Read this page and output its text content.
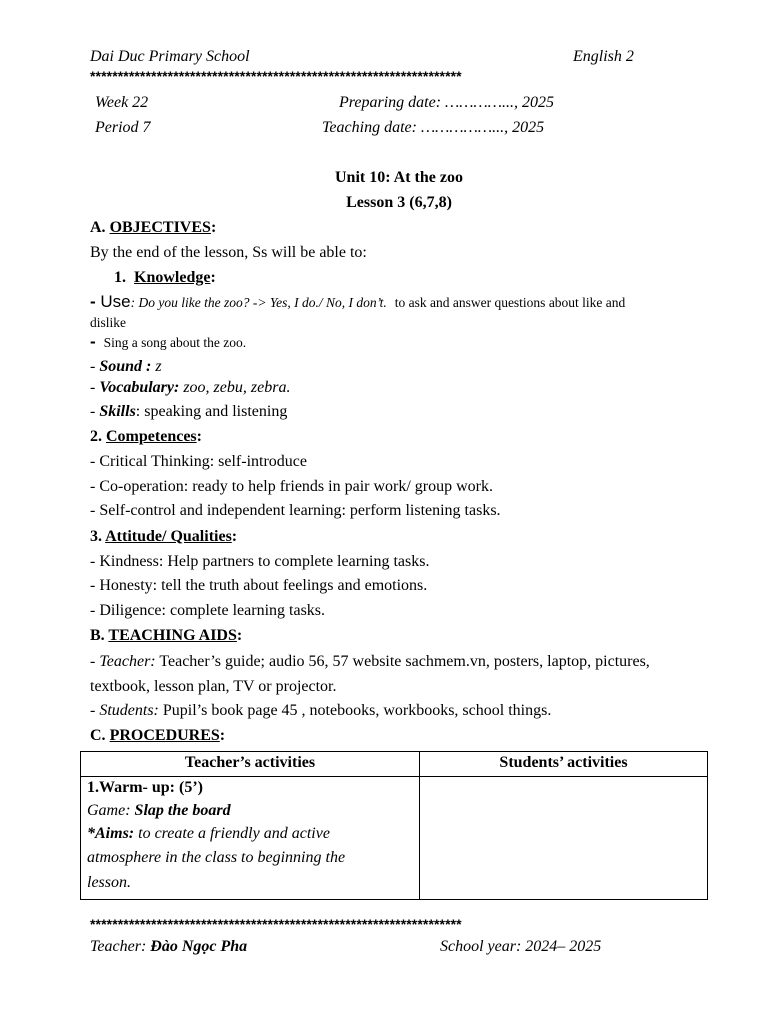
Dai Duc Primary School	English 2
*******************************************************************
Week 22	Preparing date: …………..., 2025
Period 7	Teaching date: ……………..., 2025
Unit 10: At the zoo
Lesson 3 (6,7,8)
A. OBJECTIVES:
By the end of the lesson, Ss will be able to:
1. Knowledge:
- Use: Do you like the zoo? -> Yes, I do./ No, I don’t. to ask and answer questions about like and
dislike
- Sing a song about the zoo.
- Sound : z
- Vocabulary: zoo, zebu, zebra.
- Skills: speaking and listening
2. Competences:
- Critical Thinking: self-introduce
- Co-operation: ready to help friends in pair work/ group work.
- Self-control and independent learning: perform listening tasks.
3. Attitude/ Qualities:
- Kindness: Help partners to complete learning tasks.
- Honesty: tell the truth about feelings and emotions.
- Diligence: complete learning tasks.
B. TEACHING AIDS:
- Teacher: Teacher’s guide; audio 56, 57 website sachmem.vn, posters, laptop, pictures,
textbook, lesson plan, TV or projector.
- Students: Pupil’s book page 45 , notebooks, workbooks, school things.
C. PROCEDURES:
Teacher’s activities	Students’ activities

1.Warm- up: (5’)
Game: Slap the board
*Aims: to create a friendly and active
atmosphere in the class to beginning the
lesson.	

*******************************************************************
Teacher: Đào Ngọc Pha	School year: 2024– 2025
